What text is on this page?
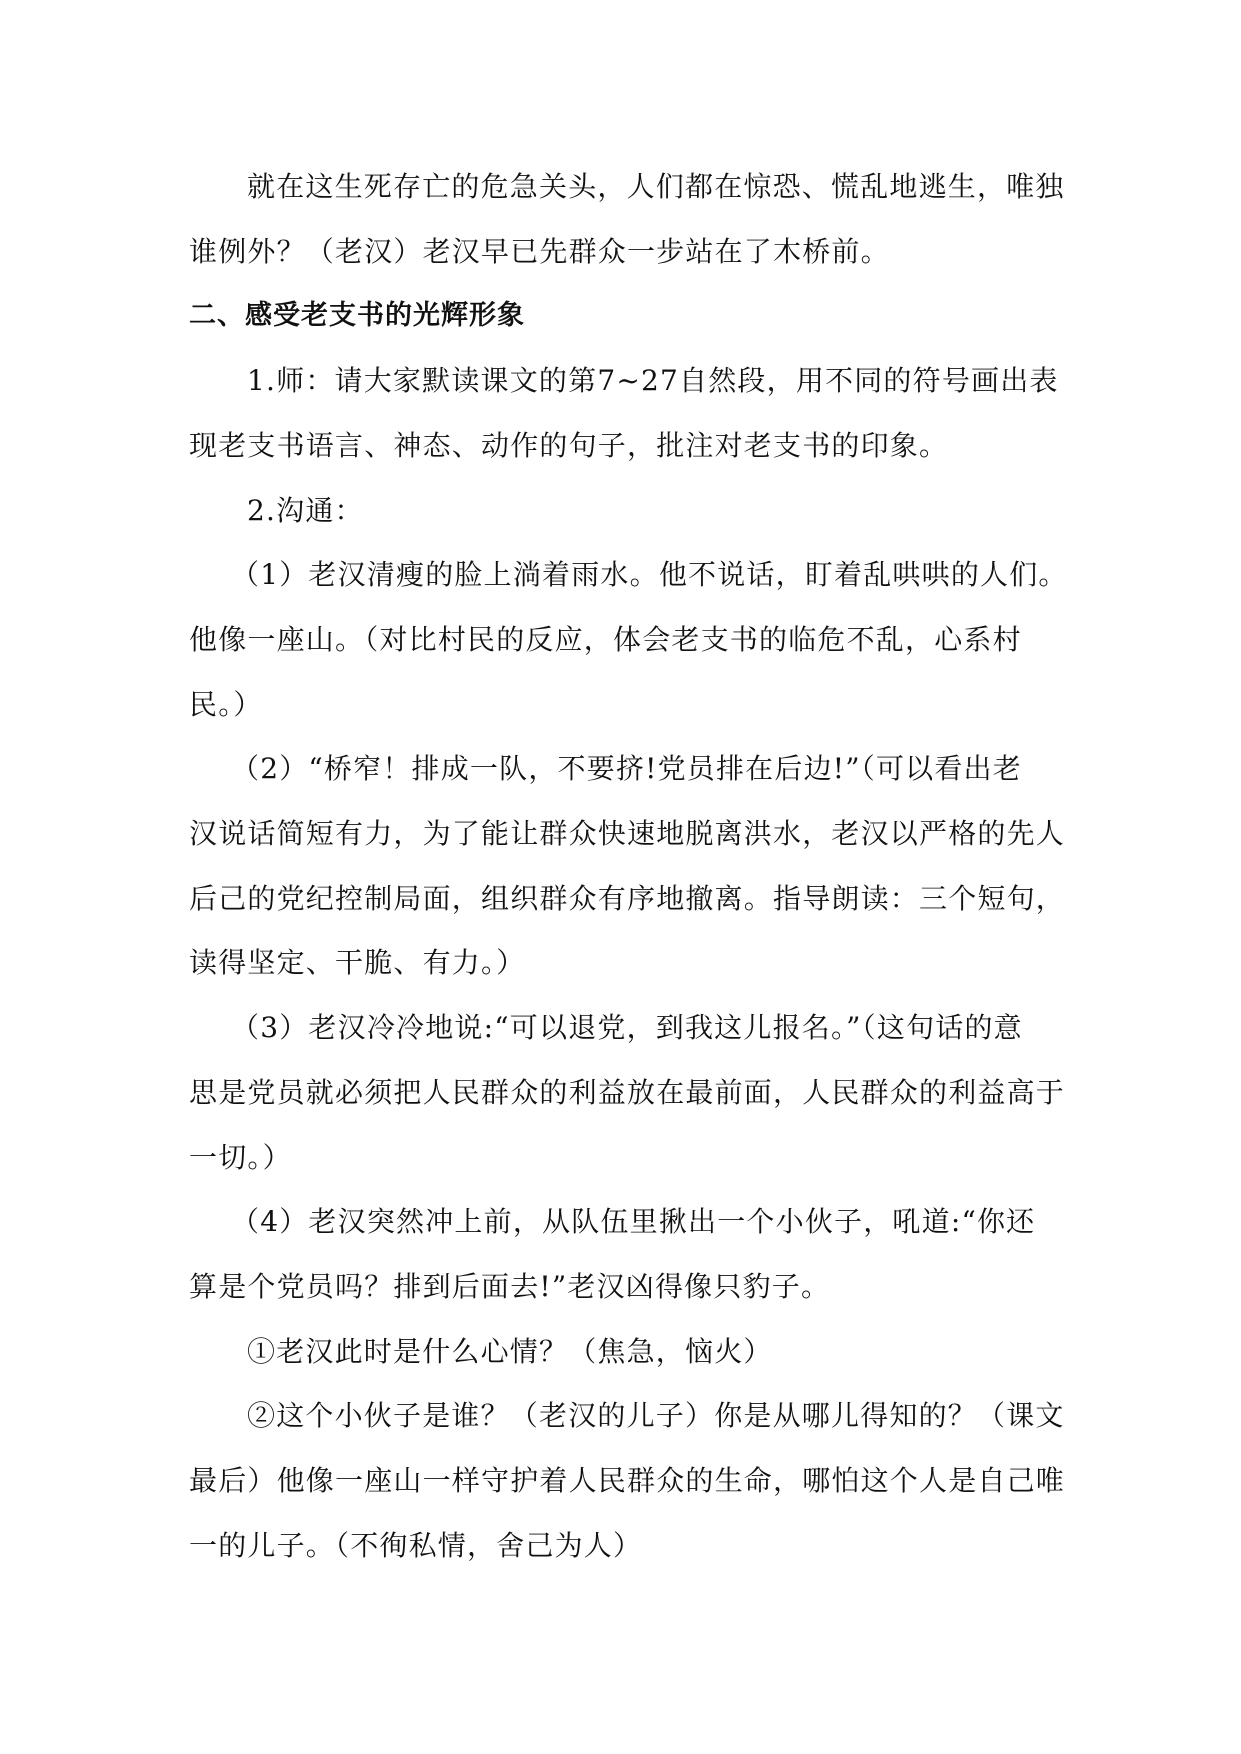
就在这生死存亡的危急关头，人们都在惊恐、慌乱地逃生，唯独
谁例外？（老汉）老汉早已先群众一步站在了木桥前。

二、感受老支书的光辉形象

1.师：请大家默读课文的第7~27自然段，用不同的符号画出表
现老支书语言、神态、动作的句子，批注对老支书的印象。

2.沟通：

（1）老汉清瘦的脸上淌着雨水。他不说话，盯着乱哄哄的人们。
他像一座山。（对比村民的反应，体会老支书的临危不乱，心系村
民。）

（2）“桥窄！排成一队，不要挤!党员排在后边!”（可以看出老
汉说话简短有力，为了能让群众快速地脱离洪水，老汉以严格的先人
后己的党纪控制局面，组织群众有序地撤离。指导朗读：三个短句，
读得坚定、干脆、有力。）

（3）老汉冷冷地说:“可以退党，到我这儿报名。”（这句话的意
思是党员就必须把人民群众的利益放在最前面，人民群众的利益高于
一切。）

（4）老汉突然冲上前，从队伍里揪出一个小伙子，吼道:“你还
算是个党员吗？排到后面去!”老汉凶得像只豹子。

①老汉此时是什么心情？（焦急，恼火）

②这个小伙子是谁？（老汉的儿子）你是从哪儿得知的？（课文
最后）他像一座山一样守护着人民群众的生命，哪怕这个人是自己唯
一的儿子。（不徇私情，舍己为人）
